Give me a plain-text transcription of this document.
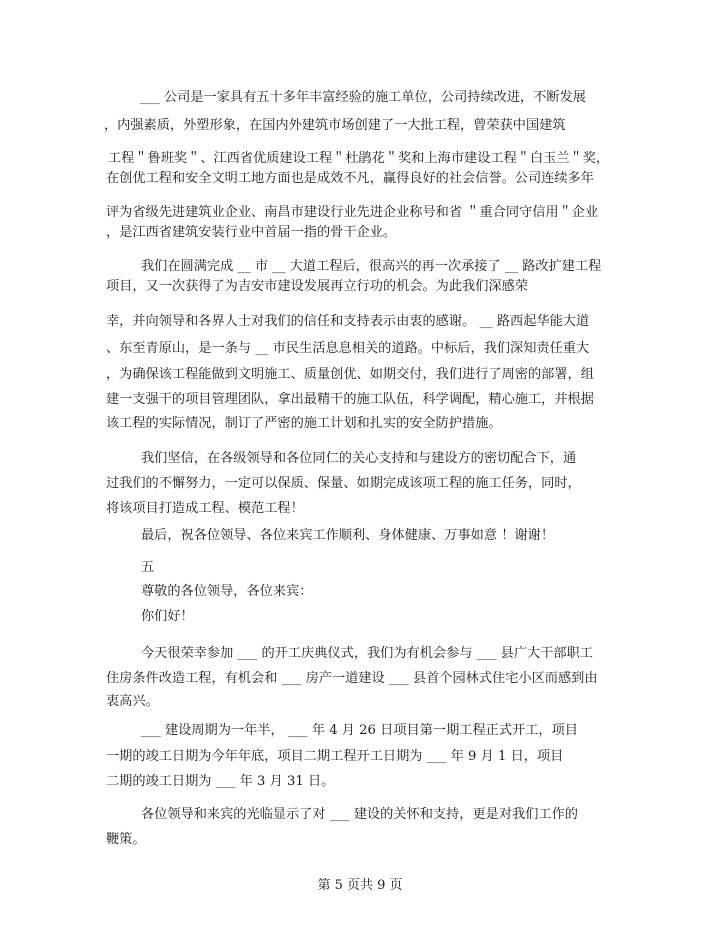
___ 公司是一家具有五十多年丰富经验的施工单位，公司持续改进，不断发展
，内强素质，外塑形象，在国内外建筑市场创建了一大批工程，曾荣获中国建筑
工程＂鲁班奖＂、江西省优质建设工程＂杜鹃花＂奖和上海市建设工程＂白玉兰＂奖，
在创优工程和安全文明工地方面也是成效不凡，赢得良好的社会信誉。公司连续多年
评为省级先进建筑业企业、南昌市建设行业先进企业称号和省 ＂重合同守信用＂企业
，是江西省建筑安装行业中首届一指的骨干企业。
我们在圆满完成 __ 市 __ 大道工程后，很高兴的再一次承接了 __ 路改扩建工程
项目，又一次获得了为吉安市建设发展再立行功的机会。为此我们深感荣
幸，并向领导和各界人士对我们的信任和支持表示由衷的感谢。 __ 路西起华能大道
、东至青原山，是一条与 __ 市民生活息息相关的道路。中标后，我们深知责任重大
，为确保该工程能做到文明施工、质量创优、如期交付，我们进行了周密的部署，组
建一支强干的项目管理团队，拿出最精干的施工队伍，科学调配，精心施工，并根据
该工程的实际情况，制订了严密的施工计划和扎实的安全防护措施。
我们坚信，在各级领导和各位同仁的关心支持和与建设方的密切配合下，通
过我们的不懈努力，一定可以保质、保量、如期完成该项工程的施工任务，同时，
将该项目打造成工程、模范工程！
最后，祝各位领导、各位来宾工作顺利、身体健康、万事如意 ！谢谢！
五
尊敬的各位领导，各位来宾：
你们好！
今天很荣幸参加 ___ 的开工庆典仪式，我们为有机会参与 ___ 县广大干部职工
住房条件改造工程，有机会和 ___ 房产一道建设 ___ 县首个园林式住宅小区而感到由
衷高兴。
___ 建设周期为一年半， ___ 年 4 月 26 日项目第一期工程正式开工，项目
一期的竣工日期为今年年底，项目二期工程开工日期为 ___ 年 9 月 1 日，项目
二期的竣工日期为 ___ 年 3 月 31 日。
各位领导和来宾的光临显示了对 ___ 建设的关怀和支持，更是对我们工作的
鞭策。
第 5 页共 9 页
